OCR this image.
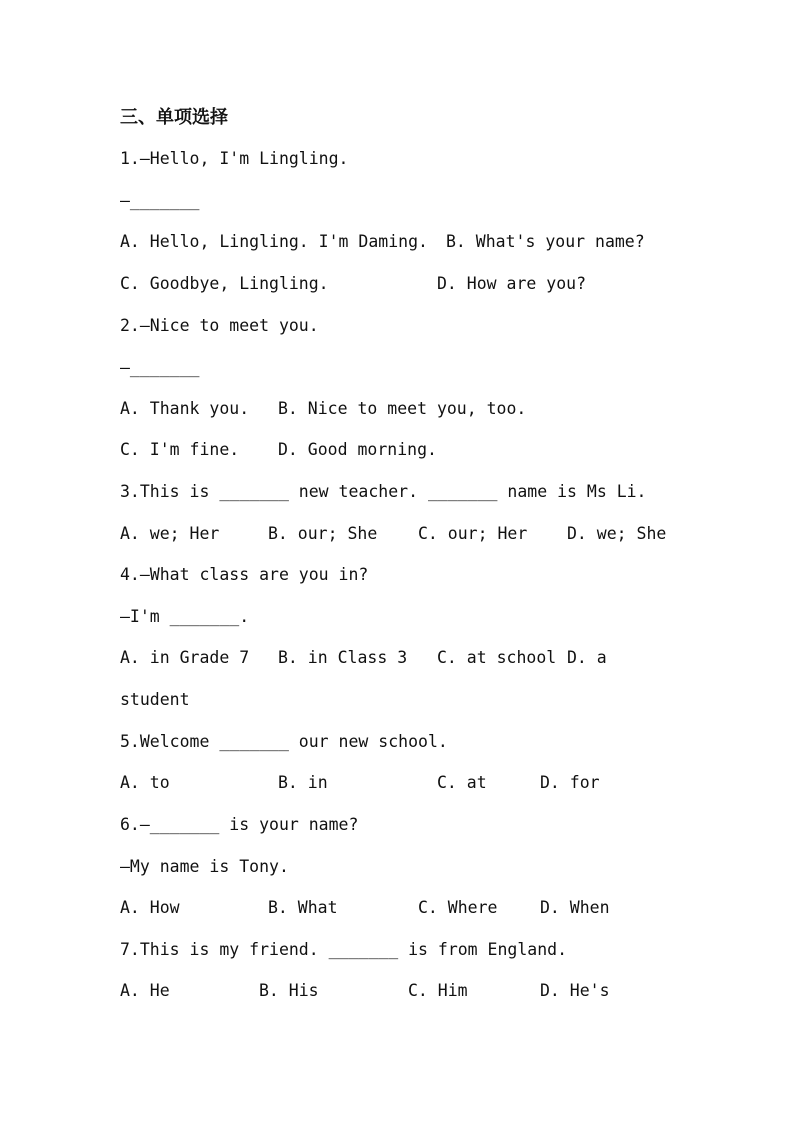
三、单项选择
1.—Hello, I'm Lingling.
—_______
A. Hello, Lingling. I'm Daming. B. What's your name?
C. Goodbye, Lingling.	D. How are you?
2.—Nice to meet you.
—_______
A. Thank you. B. Nice to meet you, too.
C. I'm fine. D. Good morning.
3.This is _______ new teacher. _______ name is Ms Li.
A. we; Her	B. our; She C. our; Her D. we; She
4.—What class are you in?
—I'm _______.
A. in Grade 7 B. in Class 3 C. at school D. a
student
5.Welcome _______ our new school.
A. to	B. in	C. at	D. for
6.—_______ is your name?
—My name is Tony.
A. How	B. What	C. Where	D. When
7.This is my friend. _______ is from England.
A. He	B. His	C. Him	D. He's
